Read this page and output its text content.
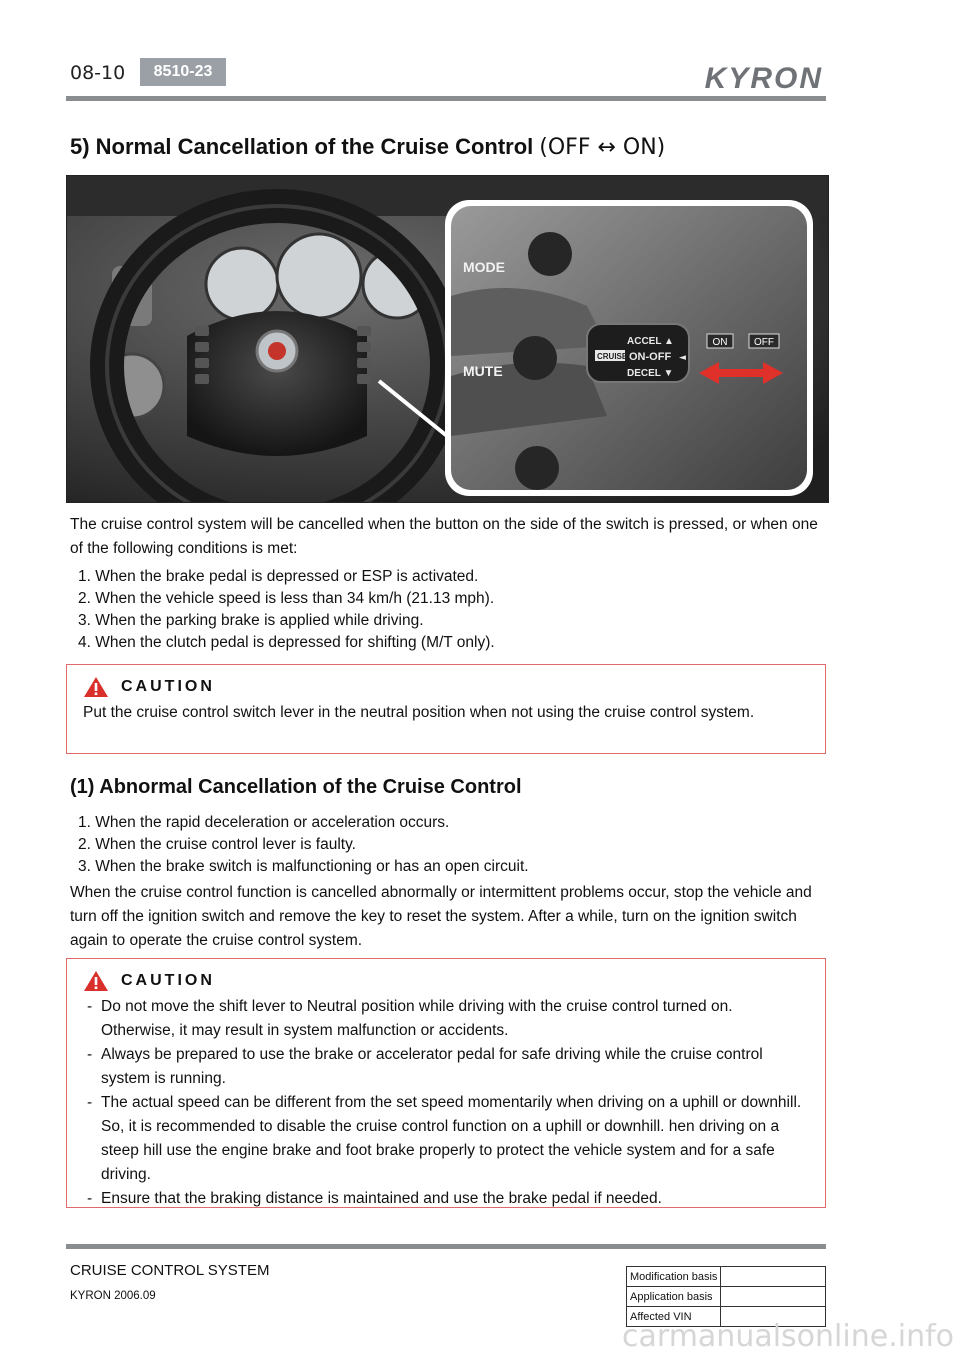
08-10	8510-23	KYRON
5) Normal Cancellation of the Cruise Control (OFF ↔ ON)
MODE
MUTE
ACCEL ▲
CRUISE ON-OFF
DECEL ▼
◄
ON	OFF
The cruise control system will be cancelled when the button on the side of the switch is pressed, or when one of the following conditions is met:
1. When the brake pedal is depressed or ESP is activated.
2. When the vehicle speed is less than 34 km/h (21.13 mph).
3. When the parking brake is applied while driving.
4. When the clutch pedal is depressed for shifting (M/T only).
CAUTION
Put the cruise control switch lever in the neutral position when not using the cruise control system.
(1) Abnormal Cancellation of the Cruise Control
1. When the rapid deceleration or acceleration occurs.
2. When the cruise control lever is faulty.
3. When the brake switch is malfunctioning or has an open circuit.
When the cruise control function is cancelled abnormally or intermittent problems occur, stop the vehicle and turn off the ignition switch and remove the key to reset the system. After a while, turn on the ignition switch again to operate the cruise control system.
CAUTION
- Do not move the shift lever to Neutral position while driving with the cruise control turned on. Otherwise, it may result in system malfunction or accidents.
- Always be prepared to use the brake or accelerator pedal for safe driving while the cruise control system is running.
- The actual speed can be different from the set speed momentarily when driving on a uphill or downhill. So, it is recommended to disable the cruise control function on a uphill or downhill. hen driving on a steep hill use the engine brake and foot brake properly to protect the vehicle system and for a safe driving.
- Ensure that the braking distance is maintained and use the brake pedal if needed.
CRUISE CONTROL SYSTEM
KYRON 2006.09
Modification basis	
Application basis	
Affected VIN	
carmanualsonline.info
